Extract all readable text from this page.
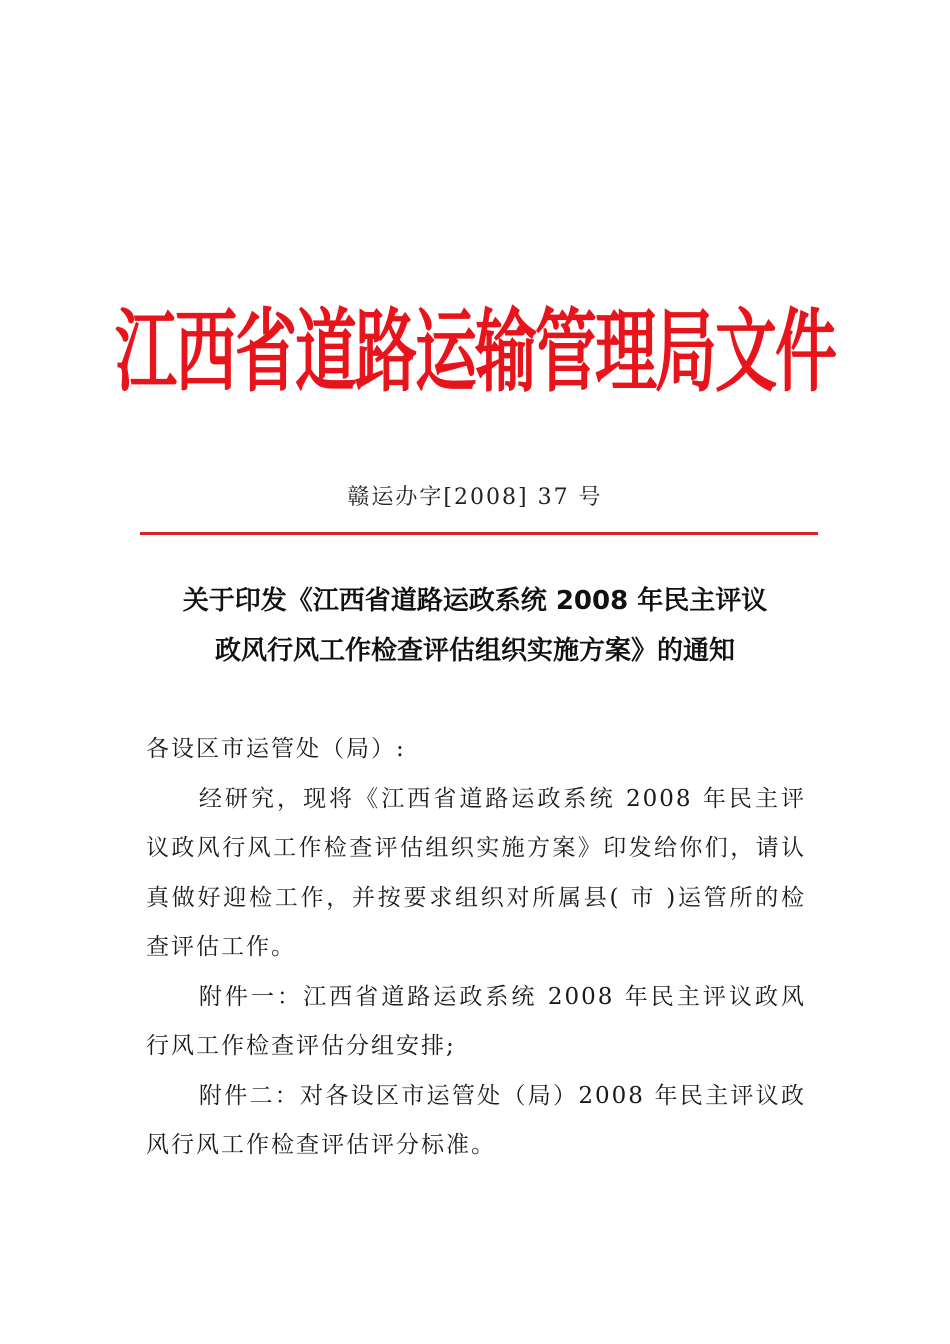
江西省道路运输管理局文件
赣运办字[2008] 37 号
关于印发《江西省道路运政系统 2008 年民主评议
政风行风工作检查评估组织实施方案》的通知

各设区市运管处（局）:

经研究，现将《江西省道路运政系统 2008 年民主评议政风行风工作检查评估组织实施方案》印发给你们，请认真做好迎检工作，并按要求组织对所属县( 市 )运管所的检查评估工作。

附件一：江西省道路运政系统 2008 年民主评议政风行风工作检查评估分组安排;

附件二：对各设区市运管处（局）2008 年民主评议政风行风工作检查评估评分标准。
